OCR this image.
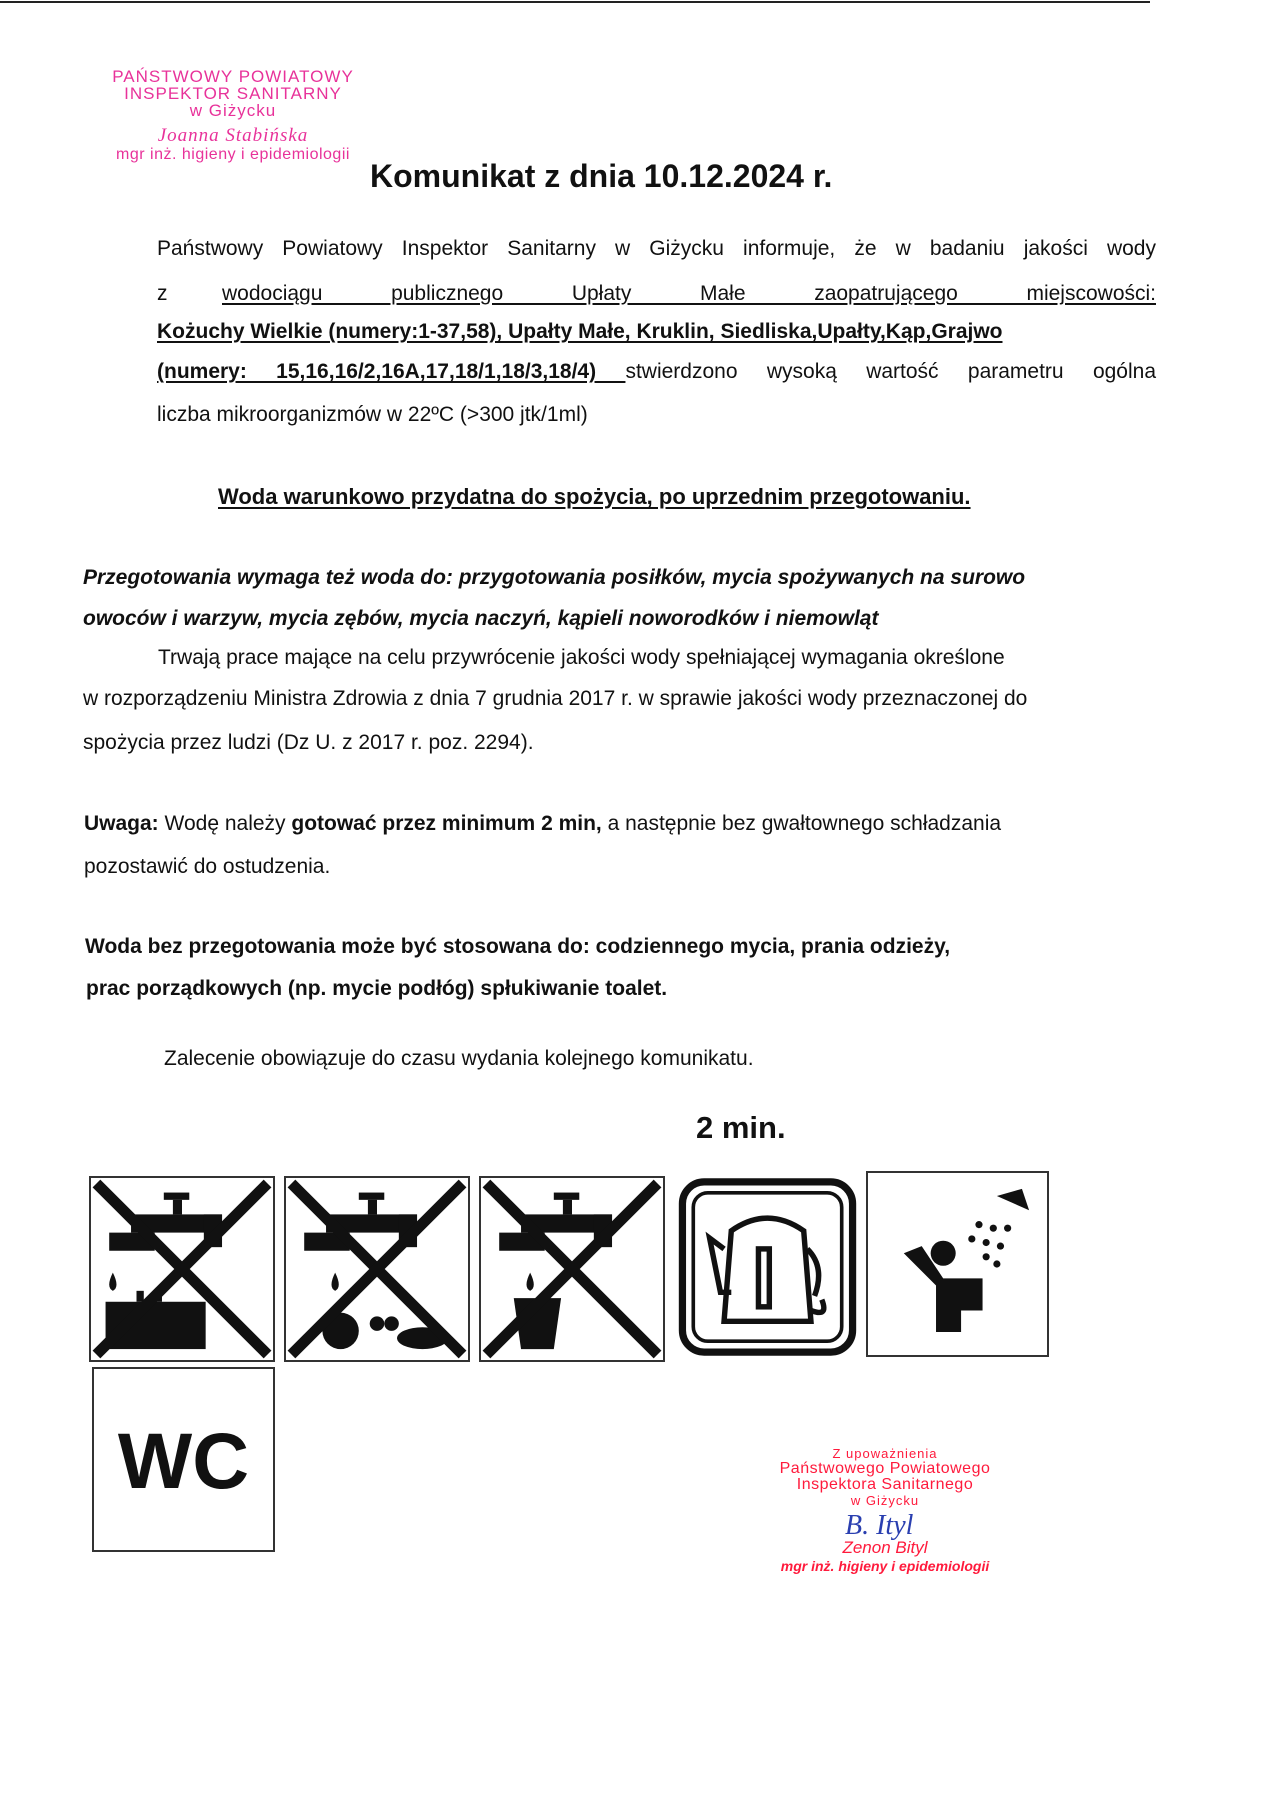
PAŃSTWOWY POWIATOWY
INSPEKTOR SANITARNY
w Giżycku
Joanna Stabińska
mgr inż. higieny i epidemiologii
Komunikat z dnia 10.12.2024 r.
Państwowy Powiatowy Inspektor Sanitarny w Giżycku informuje, że w badaniu jakości wody
z	wodociągu publicznego Upłaty Małe zaopatrującego miejscowości:
Kożuchy Wielkie (numery:1-37,58), Upałty Małe, Kruklin, Siedliska,Upałty,Kąp,Grajwo
(numery: 15,16,16/2,16A,17,18/1,18/3,18/4) stwierdzono wysoką wartość parametru ogólna
liczba mikroorganizmów w 22ºC (>300 jtk/1ml)
Woda warunkowo przydatna do spożycia, po uprzednim przegotowaniu.
Przegotowania wymaga też woda do: przygotowania posiłków, mycia spożywanych na surowo
owoców i warzyw, mycia zębów, mycia naczyń, kąpieli noworodków i niemowląt
Trwają prace mające na celu przywrócenie jakości wody spełniającej wymagania określone
w rozporządzeniu Ministra Zdrowia z dnia 7 grudnia 2017 r. w sprawie jakości wody przeznaczonej do
spożycia przez ludzi (Dz U. z 2017 r. poz. 2294).
Uwaga: Wodę należy gotować przez minimum 2 min, a następnie bez gwałtownego schładzania
pozostawić do ostudzenia.
Woda bez przegotowania może być stosowana do: codziennego mycia, prania odzieży,
prac porządkowych (np. mycie podłóg) spłukiwanie toalet.
Zalecenie obowiązuje do czasu wydania kolejnego komunikatu.
2 min.
WC	Z upoważnienia
Państwowego Powiatowego
Inspektora Sanitarnego
w Giżycku
B. Ityl
Zenon Bityl
mgr inż. higieny i epidemiologii
